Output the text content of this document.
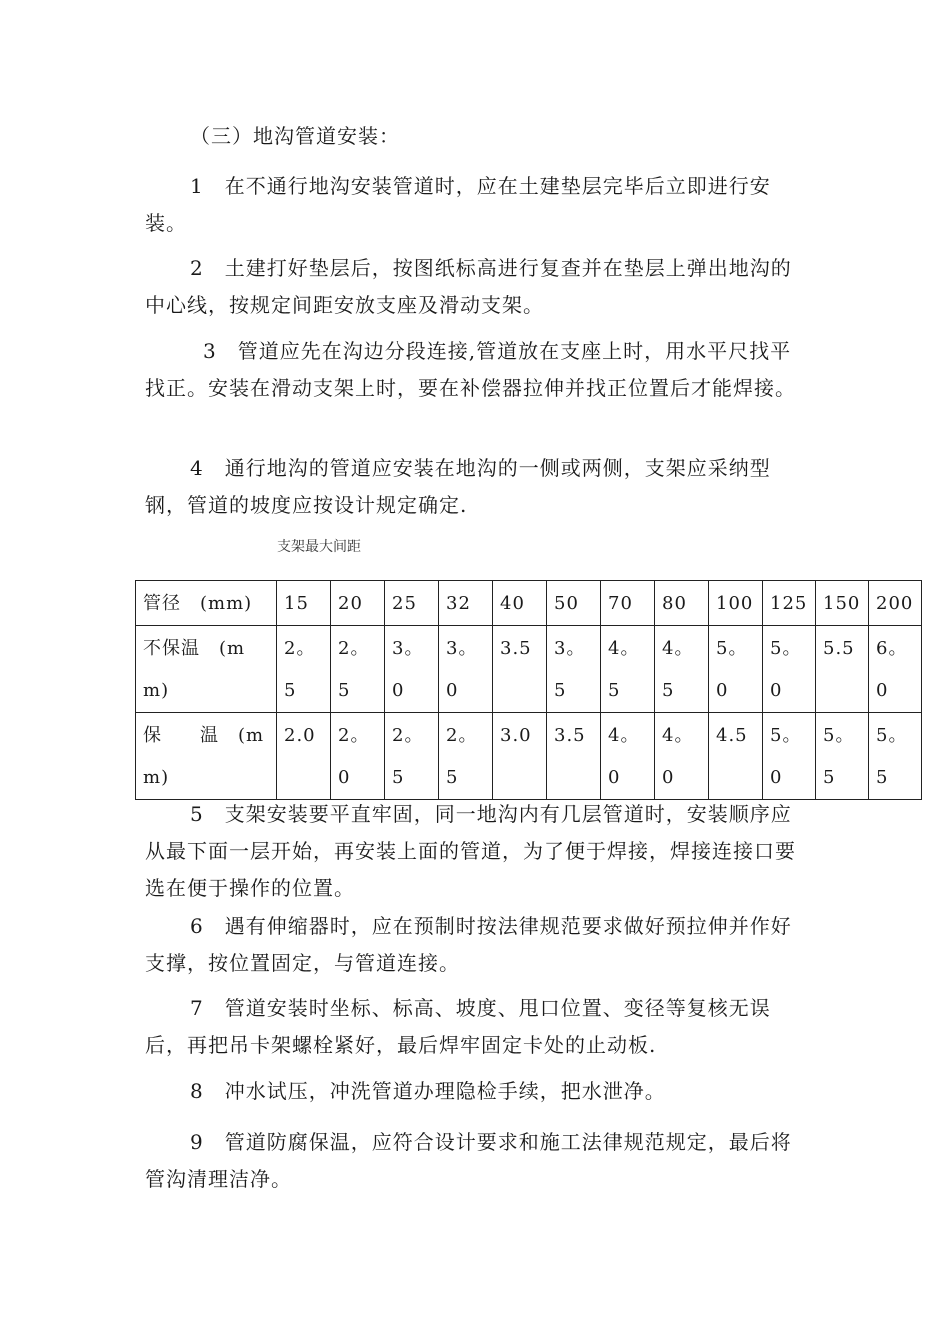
（三）地沟管道安装：

1　在不通行地沟安装管道时，应在土建垫层完毕后立即进行安装。

2　土建打好垫层后，按图纸标高进行复查并在垫层上弹出地沟的中心线，按规定间距安放支座及滑动支架。

3　管道应先在沟边分段连接,管道放在支座上时，用水平尺找平找正。安装在滑动支架上时，要在补偿器拉伸并找正位置后才能焊接。

4　通行地沟的管道应安装在地沟的一侧或两侧，支架应采纳型钢，管道的坡度应按设计规定确定.

支架最大间距
管径　(mm)	15	20	25	32	40	50	70	80	100	125	150	200
不保温　(m m)	2。5	2。5	3。0	3。0	3.5	3。5	4。5	4。5	5。0	5。0	5.5	6。0
保　　温　(m m)	2.0	2。0	2。5	2。5	3.0	3.5	4。0	4。0	4.5	5。0	5。5	5。5

5　支架安装要平直牢固，同一地沟内有几层管道时，安装顺序应从最下面一层开始，再安装上面的管道，为了便于焊接，焊接连接口要选在便于操作的位置。

6　遇有伸缩器时，应在预制时按法律规范要求做好预拉伸并作好支撑，按位置固定，与管道连接。

7　管道安装时坐标、标高、坡度、甩口位置、变径等复核无误后，再把吊卡架螺栓紧好，最后焊牢固定卡处的止动板.

8　冲水试压，冲洗管道办理隐检手续，把水泄净。

9　管道防腐保温，应符合设计要求和施工法律规范规定，最后将管沟清理洁净。
